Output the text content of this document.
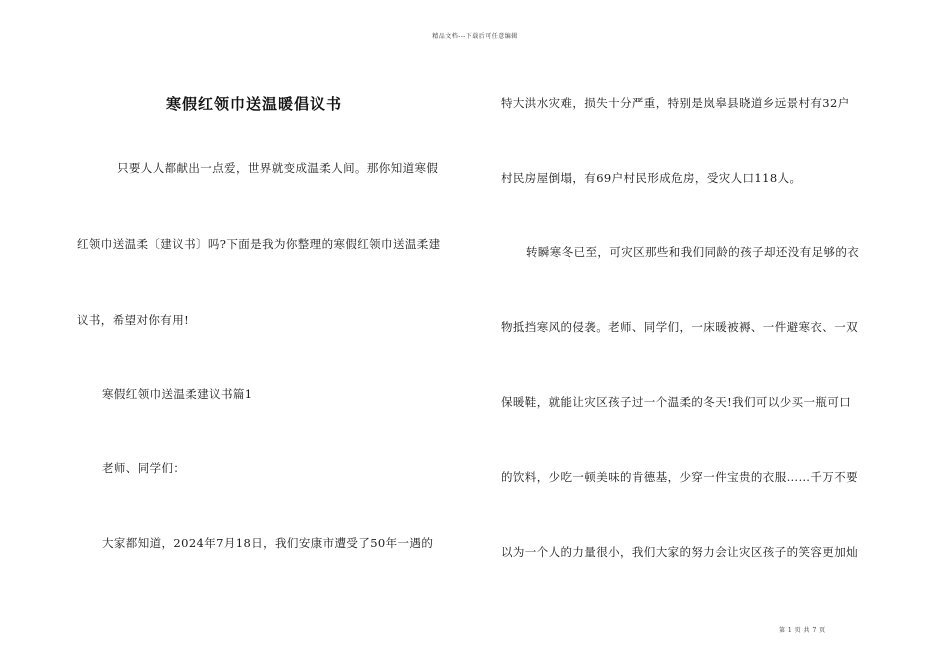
精品文档---下载后可任意编辑
寒假红领巾送温暖倡议书
只要人人都献出一点爱，世界就变成温柔人间。那你知道寒假
红领巾送温柔〔建议书〕吗?下面是我为你整理的寒假红领巾送温柔建
议书，希望对你有用!
寒假红领巾送温柔建议书篇1
老师、同学们：
大家都知道，2024年7月18日，我们安康市遭受了50年一遇的
特大洪水灾难，损失十分严重，特别是岚皋县晓道乡远景村有32户
村民房屋倒塌，有69户村民形成危房，受灾人口118人。
转瞬寒冬已至，可灾区那些和我们同龄的孩子却还没有足够的衣
物抵挡寒风的侵袭。老师、同学们，一床暖被褥、一件避寒衣、一双
保暖鞋，就能让灾区孩子过一个温柔的冬天!我们可以少买一瓶可口
的饮料，少吃一顿美味的肯德基，少穿一件宝贵的衣服……千万不要
以为一个人的力量很小，我们大家的努力会让灾区孩子的笑容更加灿
第 1 页 共 7 页
